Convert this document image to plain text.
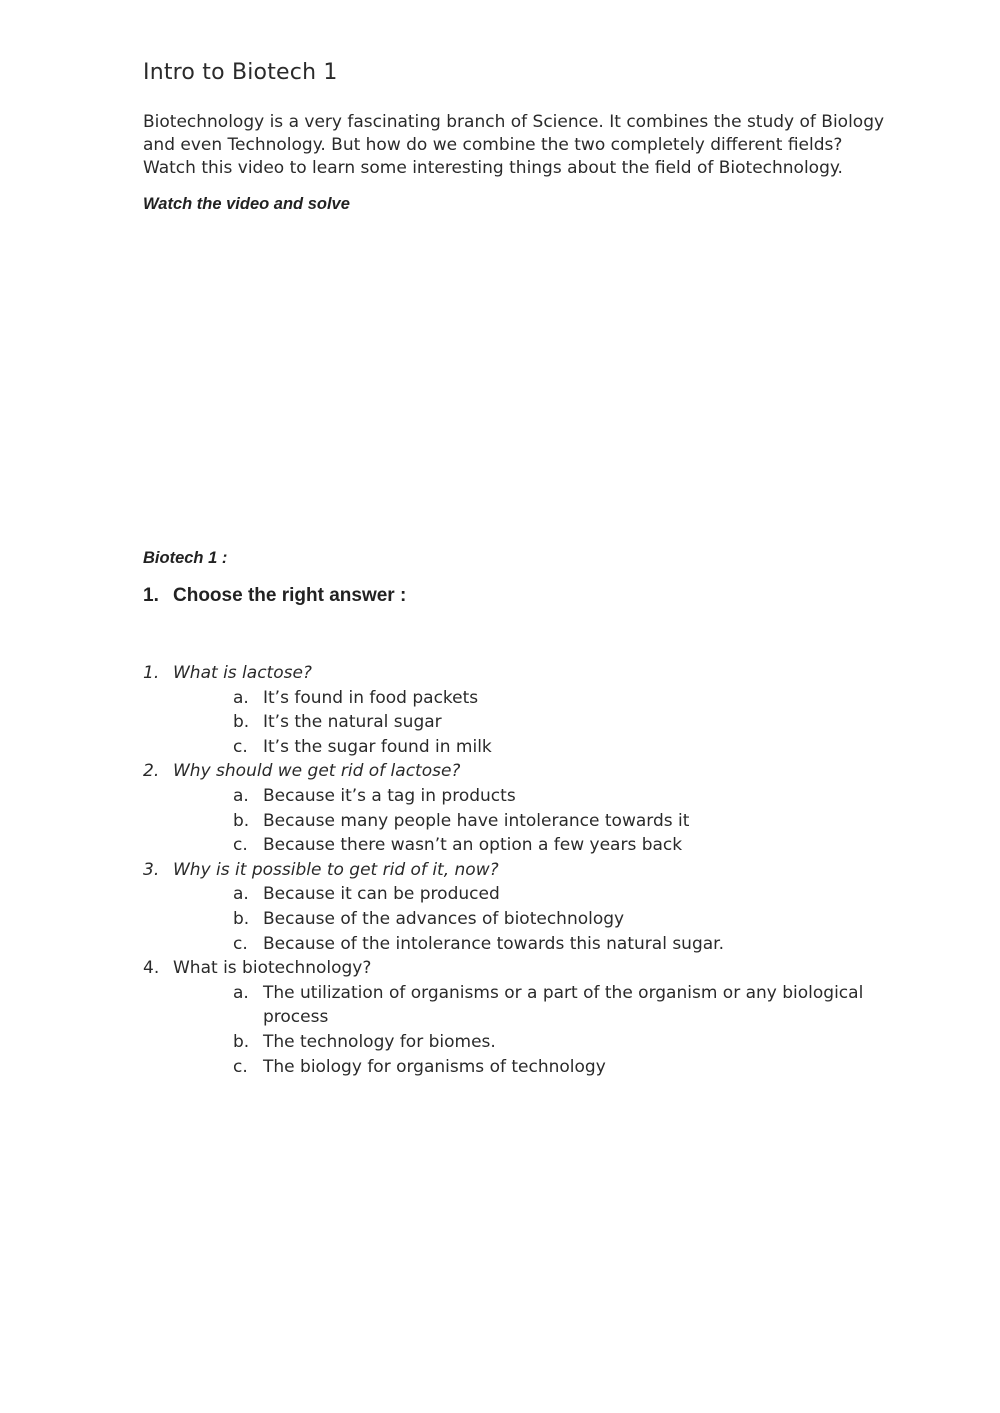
Intro to Biotech 1

Biotechnology is a very fascinating branch of Science. It combines the study of Biology
and even Technology. But how do we combine the two completely different fields?
Watch this video to learn some interesting things about the field of Biotechnology.

Watch the video and solve

Biotech 1 :

1. Choose the right answer :

1. What is lactose?
a. It’s found in food packets
b. It’s the natural sugar
c. It’s the sugar found in milk
2. Why should we get rid of lactose?
a. Because it’s a tag in products
b. Because many people have intolerance towards it
c. Because there wasn’t an option a few years back
3. Why is it possible to get rid of it, now?
a. Because it can be produced
b. Because of the advances of biotechnology
c. Because of the intolerance towards this natural sugar.
4. What is biotechnology?
a. The utilization of organisms or a part of the organism or any biological process
b. The technology for biomes.
c. The biology for organisms of technology
